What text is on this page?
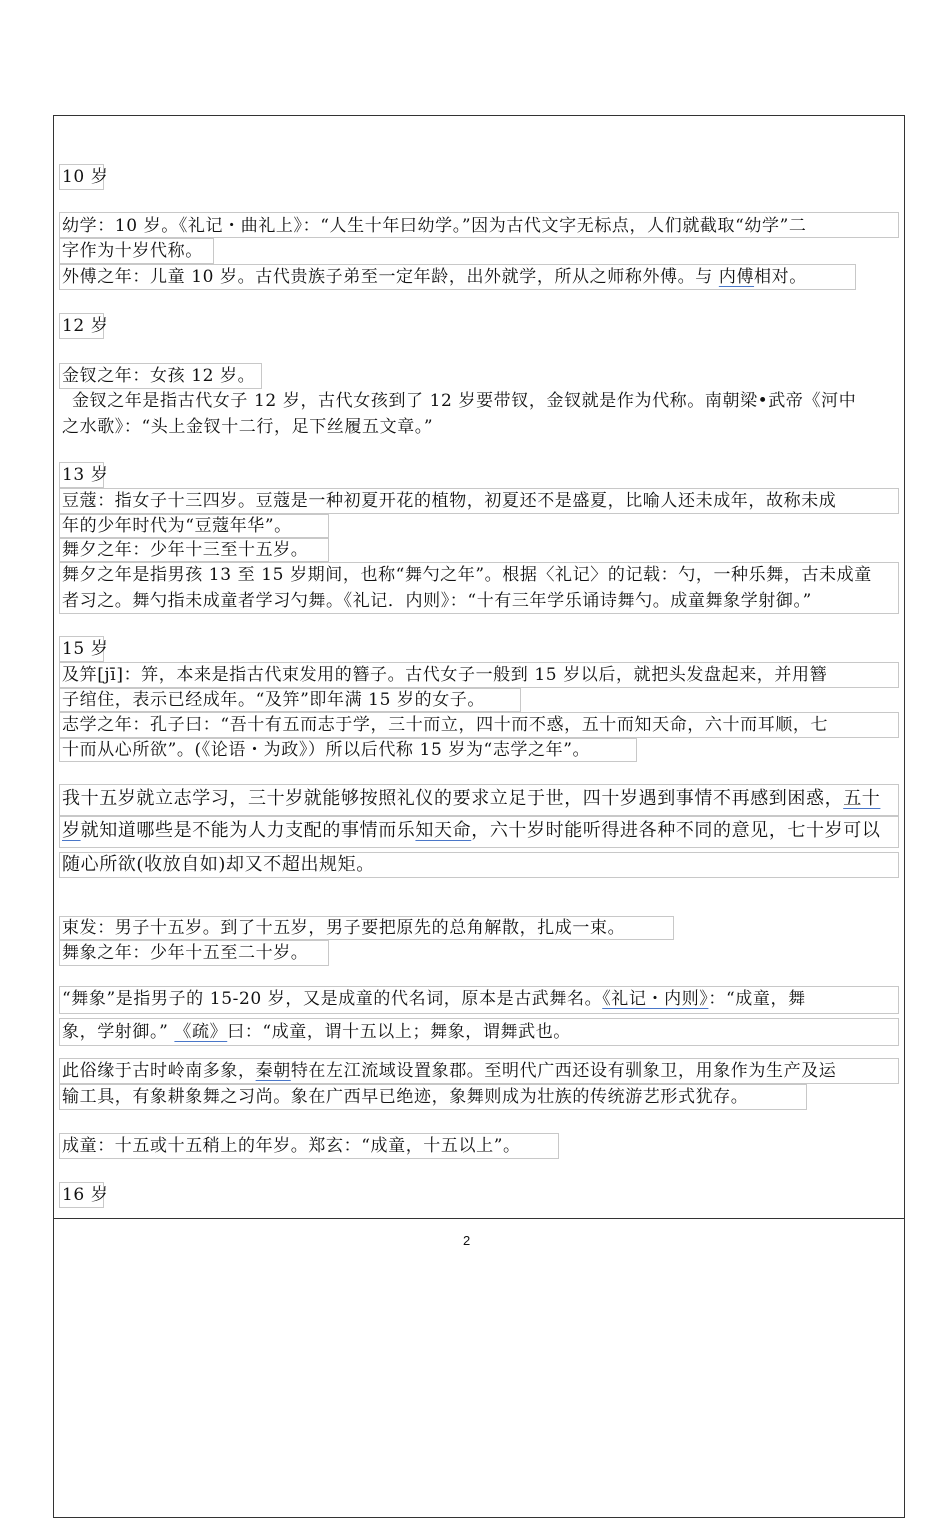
10 岁
幼学：10 岁。《礼记・曲礼上》：“人生十年曰幼学。”因为古代文字无标点，人们就截取“幼学”二
字作为十岁代称。
外傅之年：儿童 10 岁。古代贵族子弟至一定年龄，出外就学，所从之师称外傅。与 内傅相对。
12 岁
金钗之年：女孩 12 岁。
金钗之年是指古代女子 12 岁，古代女孩到了 12 岁要带钗，金钗就是作为代称。南朝梁•武帝《河中
之水歌》：“头上金钗十二行，足下丝履五文章。”
13 岁
豆蔻：指女子十三四岁。豆蔻是一种初夏开花的植物，初夏还不是盛夏，比喻人还未成年，故称未成
年的少年时代为“豆蔻年华”。
舞夕之年：少年十三至十五岁。
舞夕之年是指男孩 13 至 15 岁期间，也称“舞勺之年”。根据〈礼记〉的记载：勺，一种乐舞，古未成童
者习之。舞勺指未成童者学习勺舞。《礼记．内则》：“十有三年学乐诵诗舞勺。成童舞象学射御。”
15 岁
及笄[jī]：笄，本来是指古代束发用的簪子。古代女子一般到 15 岁以后，就把头发盘起来，并用簪
子绾住，表示已经成年。“及笄”即年满 15 岁的女子。
志学之年：孔子曰：“吾十有五而志于学，三十而立，四十而不惑，五十而知天命，六十而耳顺，七
十而从心所欲”。(《论语・为政》）所以后代称 15 岁为“志学之年”。
我十五岁就立志学习，三十岁就能够按照礼仪的要求立足于世，四十岁遇到事情不再感到困惑，五十
岁就知道哪些是不能为人力支配的事情而乐知天命，六十岁时能听得进各种不同的意见，七十岁可以
随心所欲(收放自如)却又不超出规矩。
束发：男子十五岁。到了十五岁，男子要把原先的总角解散，扎成一束。
舞象之年：少年十五至二十岁。
“舞象”是指男子的 15-20 岁，又是成童的代名词，原本是古武舞名。《礼记・内则》：“成童，舞
象，学射御。” 《疏》曰：“成童，谓十五以上；舞象，谓舞武也。
此俗缘于古时岭南多象，秦朝特在左江流域设置象郡。至明代广西还设有驯象卫，用象作为生产及运
输工具，有象耕象舞之习尚。象在广西早已绝迹，象舞则成为壮族的传统游艺形式犹存。
成童：十五或十五稍上的年岁。郑玄：“成童，十五以上”。
16 岁
2
